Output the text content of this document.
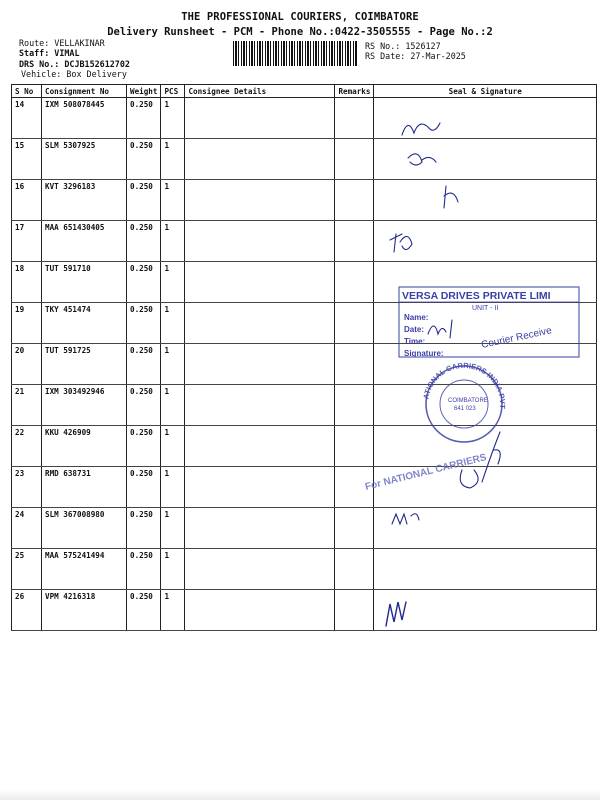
THE PROFESSIONAL COURIERS, COIMBATORE
Delivery Runsheet - PCM - Phone No.:0422-3505555 - Page No.:2
Route: VELLAKINAR
Staff: VIMAL
DRS No.: DCJB152612702
Vehicle: Box Delivery
RS No.: 1526127
RS Date: 27-Mar-2025
S No	Consignment No	Weight	PCS	Consignee Details	Remarks	Seal & Signature
14	IXM 508078445	0.250	1			
15	SLM 5307925	0.250	1			
16	KVT 3296183	0.250	1			
17	MAA 651430405	0.250	1			
18	TUT 591710	0.250	1			
19	TKY 451474	0.250	1			
20	TUT 591725	0.250	1			
21	IXM 303492946	0.250	1			
22	KKU 426909	0.250	1			
23	RMD 638731	0.250	1			
24	SLM 367008980	0.250	1			
25	MAA 575241494	0.250	1			
26	VPM 4216318	0.250	1			
S.T. Retail India
98844998
MRC Logistic	9843692000
Raghavan kadar	4993405762
Nandhagopal	9351033358
Varatha badim'
94853
Versa drivers
Santhoshkumar
"
National carrier
"	27/3/25
Western Retail
9003601481
"
Delite Logistic	9894618881
VERSA DRIVES PRIVATE LIMI
UNIT - II
Name:
Date:
Time:
Signature:
Courier Receive
ATIONAL CARRIERS INDIA PVT
COIMBATORE
641 023
For NATIONAL CARRIERS
